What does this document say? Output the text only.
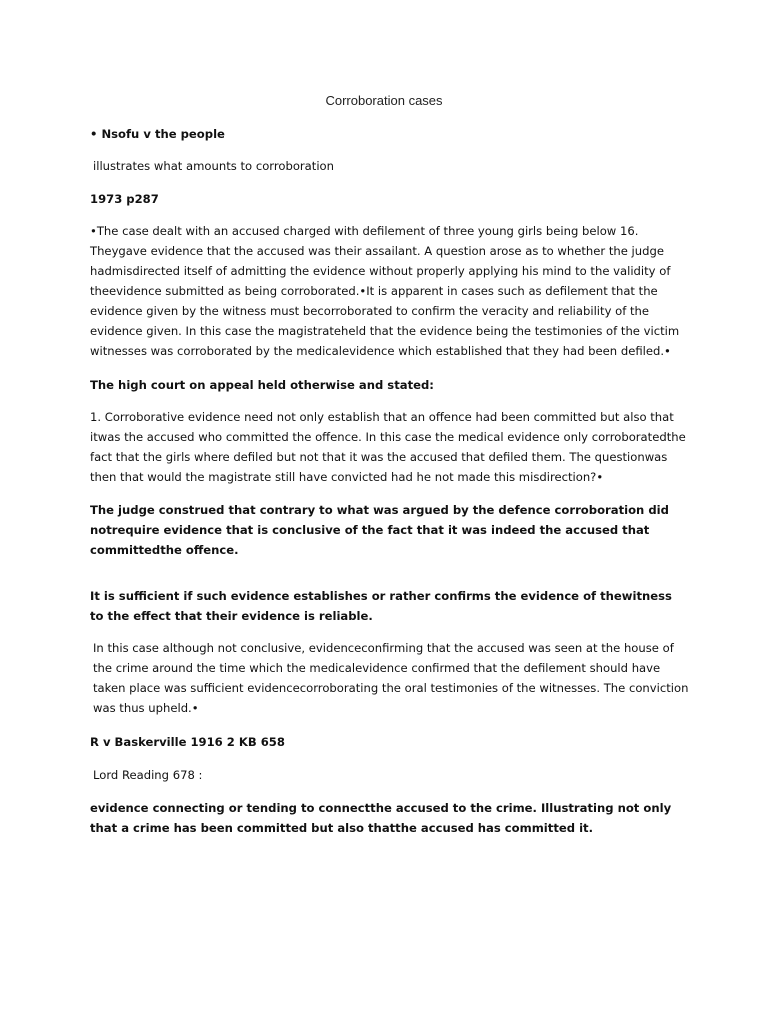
Corroboration cases

• Nsofu v the people

illustrates what amounts to corroboration

1973 p287

•The case dealt with an accused charged with defilement of three young girls being below 16. Theygave evidence that the accused was their assailant. A question arose as to whether the judge hadmisdirected itself of admitting the evidence without properly applying his mind to the validity of theevidence submitted as being corroborated.•It is apparent in cases such as defilement that the evidence given by the witness must becorroborated to confirm the veracity and reliability of the evidence given. In this case the magistrateheld that the evidence being the testimonies of the victim witnesses was corroborated by the medicalevidence which established that they had been defiled.•

The high court on appeal held otherwise and stated:

1. Corroborative evidence need not only establish that an offence had been committed but also that itwas the accused who committed the offence. In this case the medical evidence only corroboratedthe fact that the girls where defiled but not that it was the accused that defiled them. The questionwas then that would the magistrate still have convicted had he not made this misdirection?•

The judge construed that contrary to what was argued by the defence corroboration did notrequire evidence that is conclusive of the fact that it was indeed the accused that committedthe offence.

It is sufficient if such evidence establishes or rather confirms the evidence of thewitness to the effect that their evidence is reliable.

In this case although not conclusive, evidenceconfirming that the accused was seen at the house of the crime around the time which the medicalevidence confirmed that the defilement should have taken place was sufficient evidencecorroborating the oral testimonies of the witnesses. The conviction was thus upheld.•

R v Baskerville 1916 2 KB 658

Lord Reading 678 :

evidence connecting or tending to connectthe accused to the crime. Illustrating not only that a crime has been committed but also thatthe accused has committed it.
